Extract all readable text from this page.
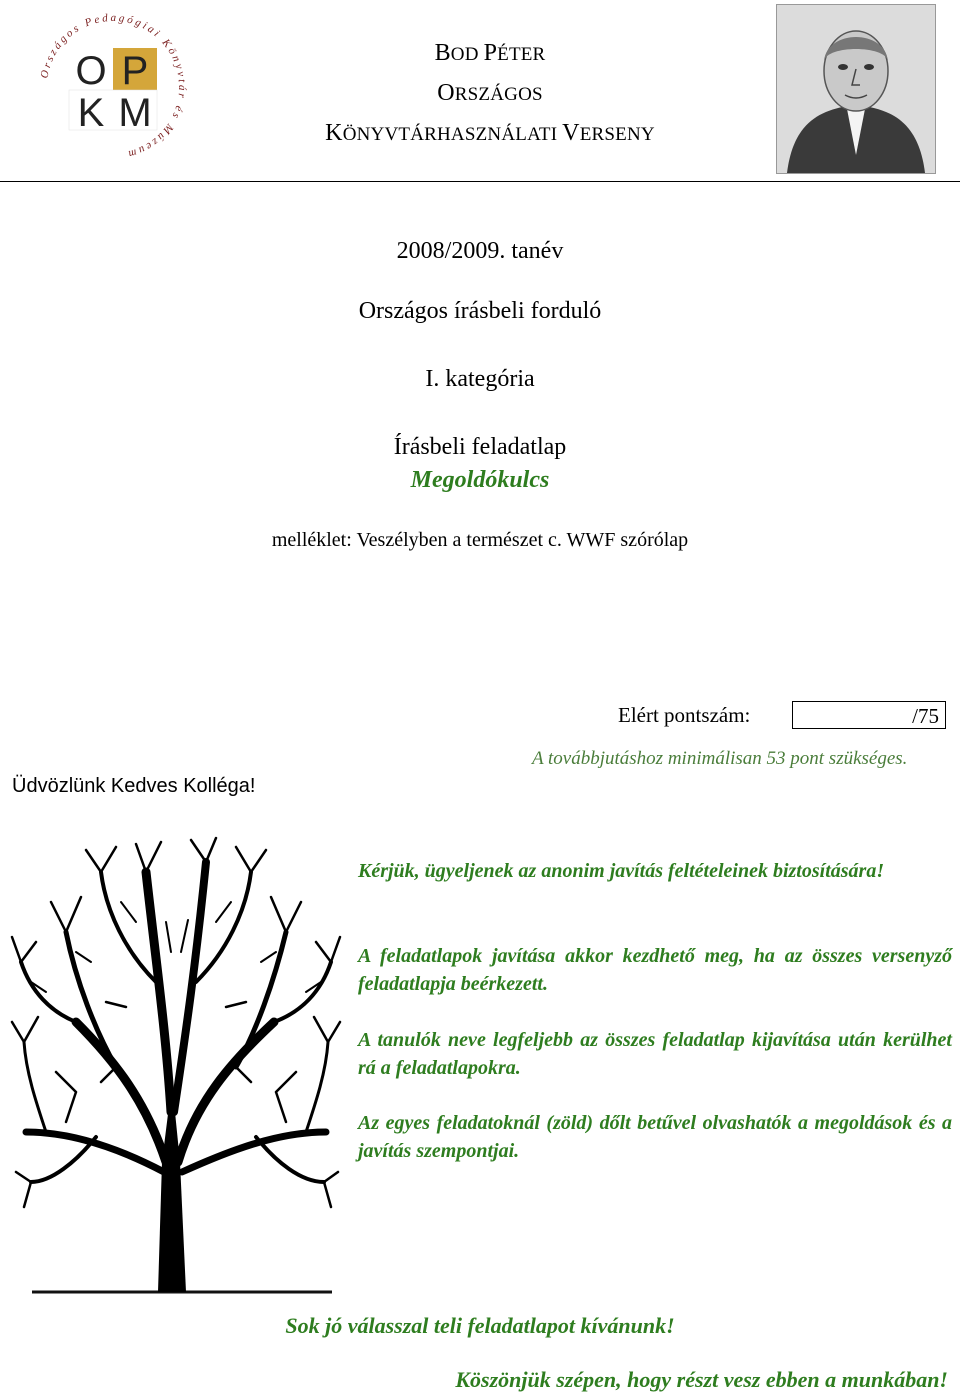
Országos Pedagógiai Könyvtár és Múzeum
O P
K M
BOD PÉTER
ORSZÁGOS
KÖNYVTÁRHASZNÁLATI VERSENY
2008/2009. tanév
Országos írásbeli forduló
I. kategória
Írásbeli feladatlap
Megoldókulcs
melléklet: Veszélyben a természet c. WWF szórólap
Elért pontszám:	/75
A továbbjutáshoz minimálisan 53 pont szükséges.
Üdvözlünk Kedves Kolléga!
Kérjük, ügyeljenek az anonim javítás feltételeinek biztosítására!
A feladatlapok javítása akkor kezdhető meg, ha az összes versenyző feladatlapja beérkezett.
A tanulók neve legfeljebb az összes feladatlap kijavítása után kerülhet rá a feladatlapokra.
Az egyes feladatoknál (zöld) dőlt betűvel olvashatók a megoldások és a javítás szempontjai.
Sok jó válasszal teli feladatlapot kívánunk!
Köszönjük szépen, hogy részt vesz ebben a munkában!
